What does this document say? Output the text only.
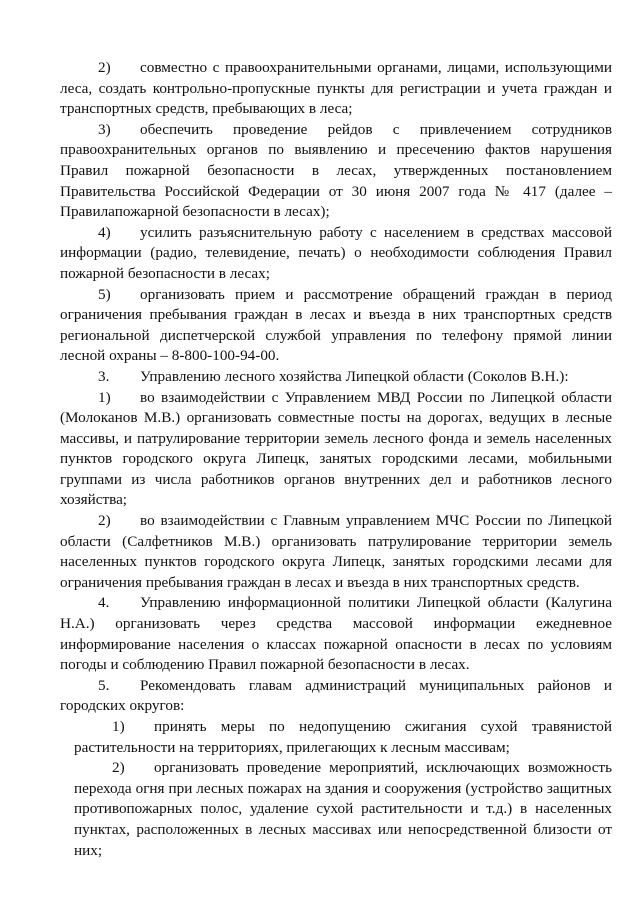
2) совместно с правоохранительными органами, лицами, использующими леса, создать контрольно-пропускные пункты для регистрации и учета граждан и транспортных средств, пребывающих в леса;

3) обеспечить проведение рейдов с привлечением сотрудников правоохранительных органов по выявлению и пресечению фактов нарушения Правил пожарной безопасности в лесах, утвержденных постановлением Правительства Российской Федерации от 30 июня 2007 года № 417 (далее – Правилапожарной безопасности в лесах);

4) усилить разъяснительную работу с населением в средствах массовой информации (радио, телевидение, печать) о необходимости соблюдения Правил пожарной безопасности в лесах;

5) организовать прием и рассмотрение обращений граждан в период ограничения пребывания граждан в лесах и въезда в них транспортных средств региональной диспетчерской службой управления по телефону прямой линии лесной охраны – 8-800-100-94-00.

3. Управлению лесного хозяйства Липецкой области (Соколов В.Н.):

1) во взаимодействии с Управлением МВД России по Липецкой области (Молоканов М.В.) организовать совместные посты на дорогах, ведущих в лесные массивы, и патрулирование территории земель лесного фонда и земель населенных пунктов городского округа Липецк, занятых городскими лесами, мобильными группами из числа работников органов внутренних дел и работников лесного хозяйства;

2) во взаимодействии с Главным управлением МЧС России по Липецкой области (Салфетников М.В.) организовать патрулирование территории земель населенных пунктов городского округа Липецк, занятых городскими лесами для ограничения пребывания граждан в лесах и въезда в них транспортных средств.

4. Управлению информационной политики Липецкой области (Калугина Н.А.) организовать через средства массовой информации ежедневное информирование населения о классах пожарной опасности в лесах по условиям погоды и соблюдению Правил пожарной безопасности в лесах.

5. Рекомендовать главам администраций муниципальных районов и городских округов:

1) принять меры по недопущению сжигания сухой травянистой растительности на территориях, прилегающих к лесным массивам;

2) организовать проведение мероприятий, исключающих возможность перехода огня при лесных пожарах на здания и сооружения (устройство защитных противопожарных полос, удаление сухой растительности и т.д.) в населенных пунктах, расположенных в лесных массивах или непосредственной близости от них;
